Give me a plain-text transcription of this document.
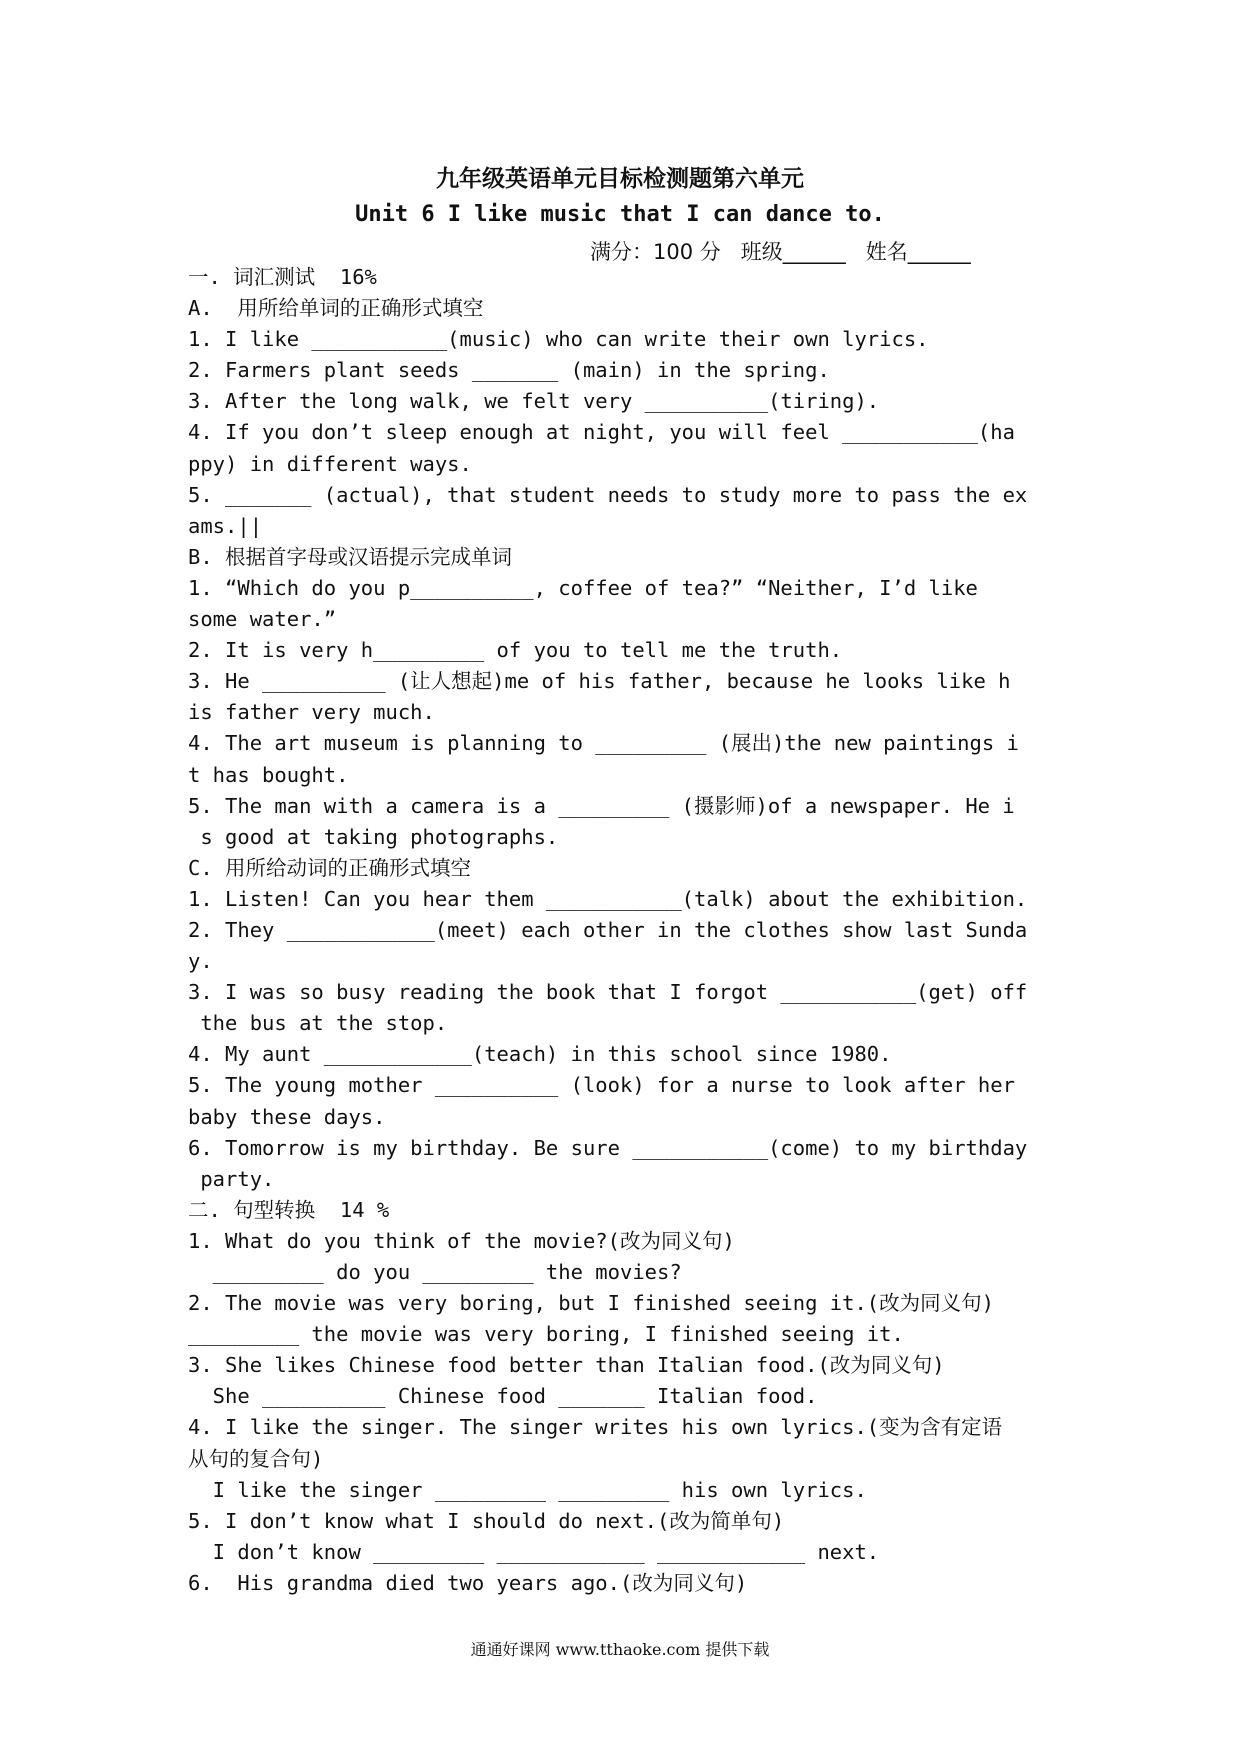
九年级英语单元目标检测题第六单元
Unit 6 I like music that I can dance to.
满分：100 分   班级______   姓名______
一. 词汇测试  16%
A.  用所给单词的正确形式填空
1. I like ___________(music) who can write their own lyrics.
2. Farmers plant seeds _______ (main) in the spring.
3. After the long walk, we felt very __________(tiring).
4. If you don’t sleep enough at night, you will feel ___________(ha
ppy) in different ways.
5. _______ (actual), that student needs to study more to pass the ex
ams.||
B. 根据首字母或汉语提示完成单词
1. “Which do you p__________, coffee of tea?” “Neither, I’d like
some water.”
2. It is very h_________ of you to tell me the truth.
3. He __________ (让人想起)me of his father, because he looks like h
is father very much.
4. The art museum is planning to _________ (展出)the new paintings i
t has bought.
5. The man with a camera is a _________ (摄影师)of a newspaper. He i
s good at taking photographs.
C. 用所给动词的正确形式填空
1. Listen! Can you hear them ___________(talk) about the exhibition.
2. They ____________(meet) each other in the clothes show last Sunda
y.
3. I was so busy reading the book that I forgot ___________(get) off
the bus at the stop.
4. My aunt ____________(teach) in this school since 1980.
5. The young mother __________ (look) for a nurse to look after her
baby these days.
6. Tomorrow is my birthday. Be sure ___________(come) to my birthday
party.
二. 句型转换  14 %
1. What do you think of the movie?(改为同义句)
_________ do you _________ the movies?
2. The movie was very boring, but I finished seeing it.(改为同义句)
_________ the movie was very boring, I finished seeing it.
3. She likes Chinese food better than Italian food.(改为同义句)
She __________ Chinese food _______ Italian food.
4. I like the singer. The singer writes his own lyrics.(变为含有定语
从句的复合句)
I like the singer _________ _________ his own lyrics.
5. I don’t know what I should do next.(改为简单句)
I don’t know _________ ____________ ____________ next.
6.  His grandma died two years ago.(改为同义句)
通通好课网 www.tthaoke.com 提供下载
